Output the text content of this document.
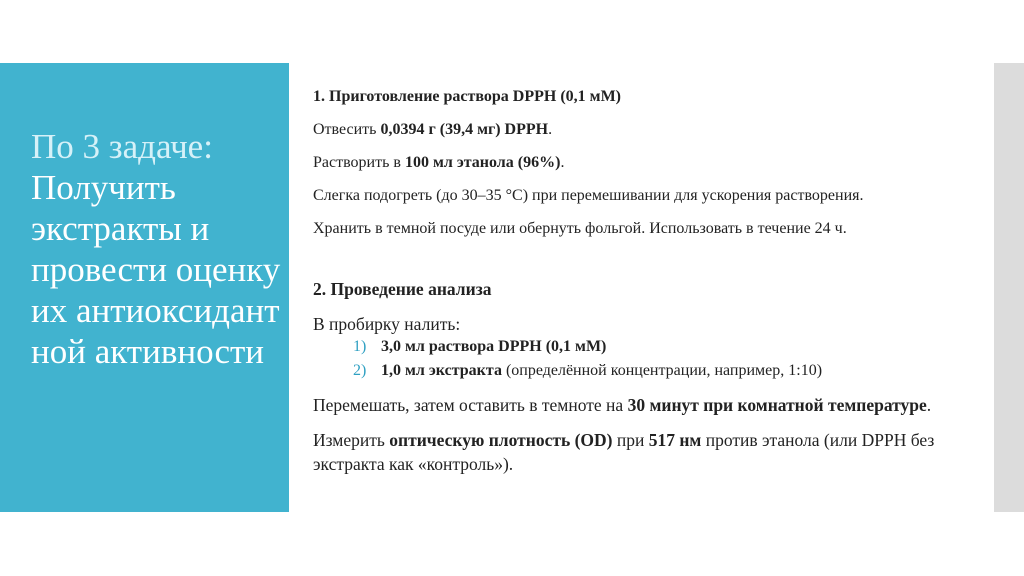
По 3 задаче:
Получить экстракты и провести оценку их антиоксидант ной активности

1. Приготовление раствора DPPH (0,1 мМ)

Отвесить 0,0394 г (39,4 мг) DPPH.

Растворить в 100 мл этанола (96%).

Слегка подогреть (до 30–35 °C) при перемешивании для ускорения растворения.

Хранить в темной посуде или обернуть фольгой. Использовать в течение 24 ч.

2. Проведение анализа

В пробирку налить:

1) 3,0 мл раствора DPPH (0,1 мМ)
2) 1,0 мл экстракта (определённой концентрации, например, 1:10)

Перемешать, затем оставить в темноте на 30 минут при комнатной температуре.

Измерить оптическую плотность (OD) при 517 нм против этанола (или DPPH без экстракта как «контроль»).
